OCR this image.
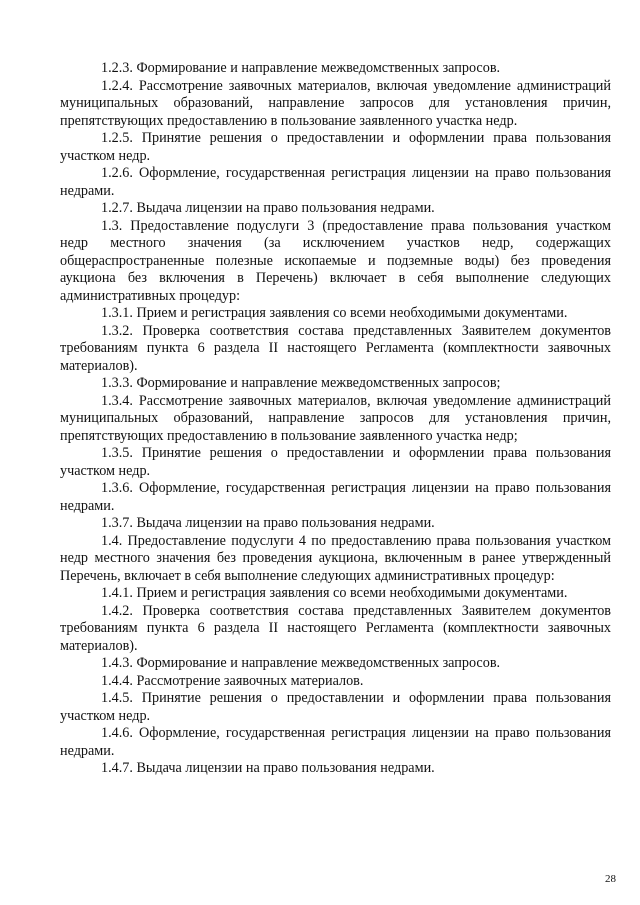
1.2.3. Формирование и направление межведомственных запросов.

1.2.4. Рассмотрение заявочных материалов, включая уведомление администраций муниципальных образований, направление запросов для установления причин, препятствующих предоставлению в пользование заявленного участка недр.

1.2.5. Принятие решения о предоставлении и оформлении права пользования участком недр.

1.2.6. Оформление, государственная регистрация лицензии на право пользования недрами.

1.2.7. Выдача лицензии на право пользования недрами.

1.3. Предоставление подуслуги 3 (предоставление права пользования участком недр местного значения (за исключением участков недр, содержащих общераспространенные полезные ископаемые и подземные воды) без проведения аукциона без включения в Перечень) включает в себя выполнение следующих административных процедур:

1.3.1. Прием и регистрация заявления со всеми необходимыми документами.

1.3.2. Проверка соответствия состава представленных Заявителем документов требованиям пункта 6 раздела II настоящего Регламента (комплектности заявочных материалов).

1.3.3. Формирование и направление межведомственных запросов;

1.3.4. Рассмотрение заявочных материалов, включая уведомление администраций муниципальных образований, направление запросов для установления причин, препятствующих предоставлению в пользование заявленного участка недр;

1.3.5. Принятие решения о предоставлении и оформлении права пользования участком недр.

1.3.6. Оформление, государственная регистрация лицензии на право пользования недрами.

1.3.7. Выдача лицензии на право пользования недрами.

1.4. Предоставление подуслуги 4 по предоставлению права пользования участком недр местного значения без проведения аукциона, включенным в ранее утвержденный Перечень, включает в себя выполнение следующих административных процедур:

1.4.1. Прием и регистрация заявления со всеми необходимыми документами.

1.4.2. Проверка соответствия состава представленных Заявителем документов требованиям пункта 6 раздела II настоящего Регламента (комплектности заявочных материалов).

1.4.3. Формирование и направление межведомственных запросов.

1.4.4. Рассмотрение заявочных материалов.

1.4.5. Принятие решения о предоставлении и оформлении права пользования участком недр.

1.4.6. Оформление, государственная регистрация лицензии на право пользования недрами.

1.4.7. Выдача лицензии на право пользования недрами.

28
